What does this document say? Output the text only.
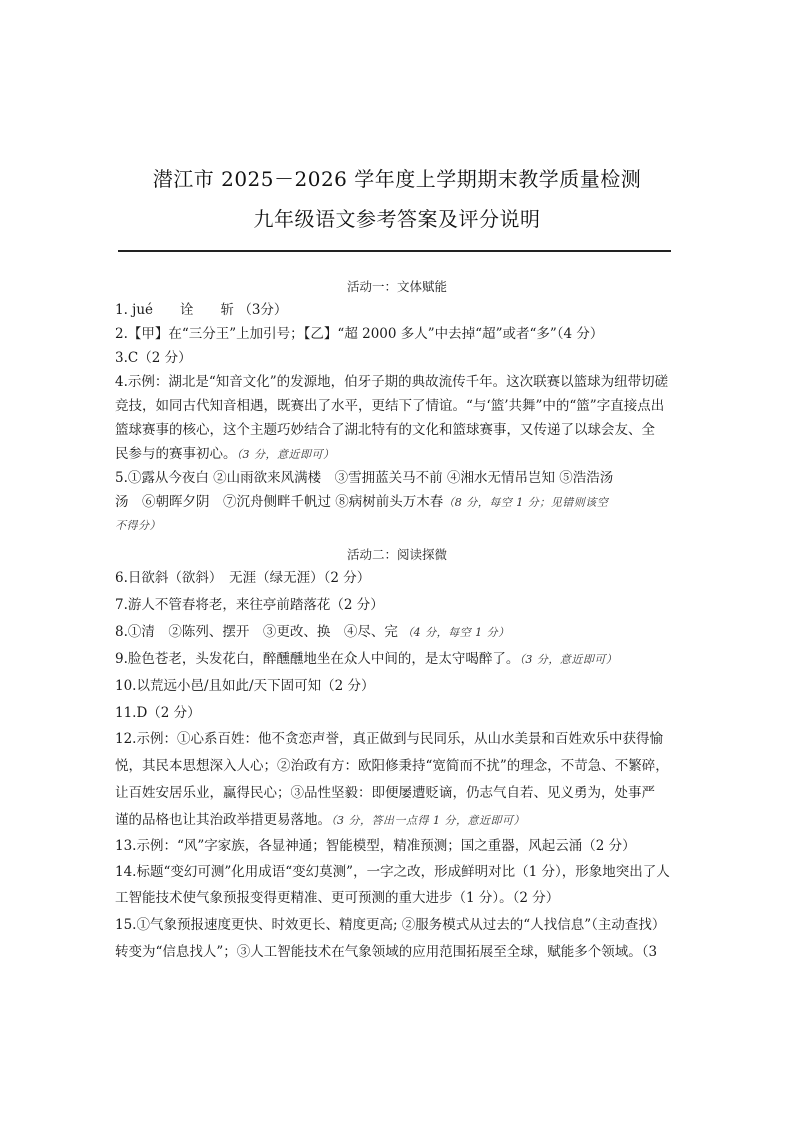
潜江市 2025－2026 学年度上学期期末教学质量检测
九年级语文参考答案及评分说明
活动一：文体赋能
1. jué　　诠　　斩 （3分）
2.【甲】在“三分王”上加引号；【乙】“超 2000 多人”中去掉“超”或者“多”（4 分）
3.C（2 分）
4.示例：湖北是“知音文化”的发源地，伯牙子期的典故流传千年。这次联赛以篮球为纽带切磋
竞技，如同古代知音相遇，既赛出了水平，更结下了情谊。“与‘篮’共舞”中的“篮”字直接点出
篮球赛事的核心，这个主题巧妙结合了湖北特有的文化和篮球赛事，又传递了以球会友、全
民参与的赛事初心。（3 分，意近即可）
5.①露从今夜白 ②山雨欲来风满楼　③雪拥蓝关马不前 ④湘水无情吊岂知 ⑤浩浩汤
汤　⑥朝晖夕阴　⑦沉舟侧畔千帆过 ⑧病树前头万木春（8 分，每空 1 分；见错则该空
不得分）
活动二：阅读探微
6.日欲斜（欲斜）　无涯（绿无涯）（2 分）
7.游人不管春将老，来往亭前踏落花（2 分）
8.①清　②陈列、摆开　③更改、换　④尽、完 （4 分，每空 1 分）
9.脸色苍老，头发花白，醉醺醺地坐在众人中间的，是太守喝醉了。（3 分，意近即可）
10.以荒远小邑/且如此/天下固可知（2 分）
11.D（2 分）
12.示例：①心系百姓：他不贪恋声誉，真正做到与民同乐，从山水美景和百姓欢乐中获得愉
悦，其民本思想深入人心；②治政有方：欧阳修秉持“宽简而不扰”的理念，不苛急、不繁碎，
让百姓安居乐业，赢得民心；③品性坚毅：即便屡遭贬谪，仍志气自若、见义勇为，处事严
谨的品格也让其治政举措更易落地。（3 分，答出一点得 1 分，意近即可）
13.示例：“风”字家族，各显神通；智能模型，精准预测；国之重器，风起云涌（2 分）
14.标题“变幻可测”化用成语“变幻莫测”，一字之改，形成鲜明对比（1 分），形象地突出了人
工智能技术使气象预报变得更精准、更可预测的重大进步（1 分）。（2 分）
15.①气象预报速度更快、时效更长、精度更高; ②服务模式从过去的“人找信息”（主动查找）
转变为“信息找人”；③人工智能技术在气象领域的应用范围拓展至全球，赋能多个领域。（3
